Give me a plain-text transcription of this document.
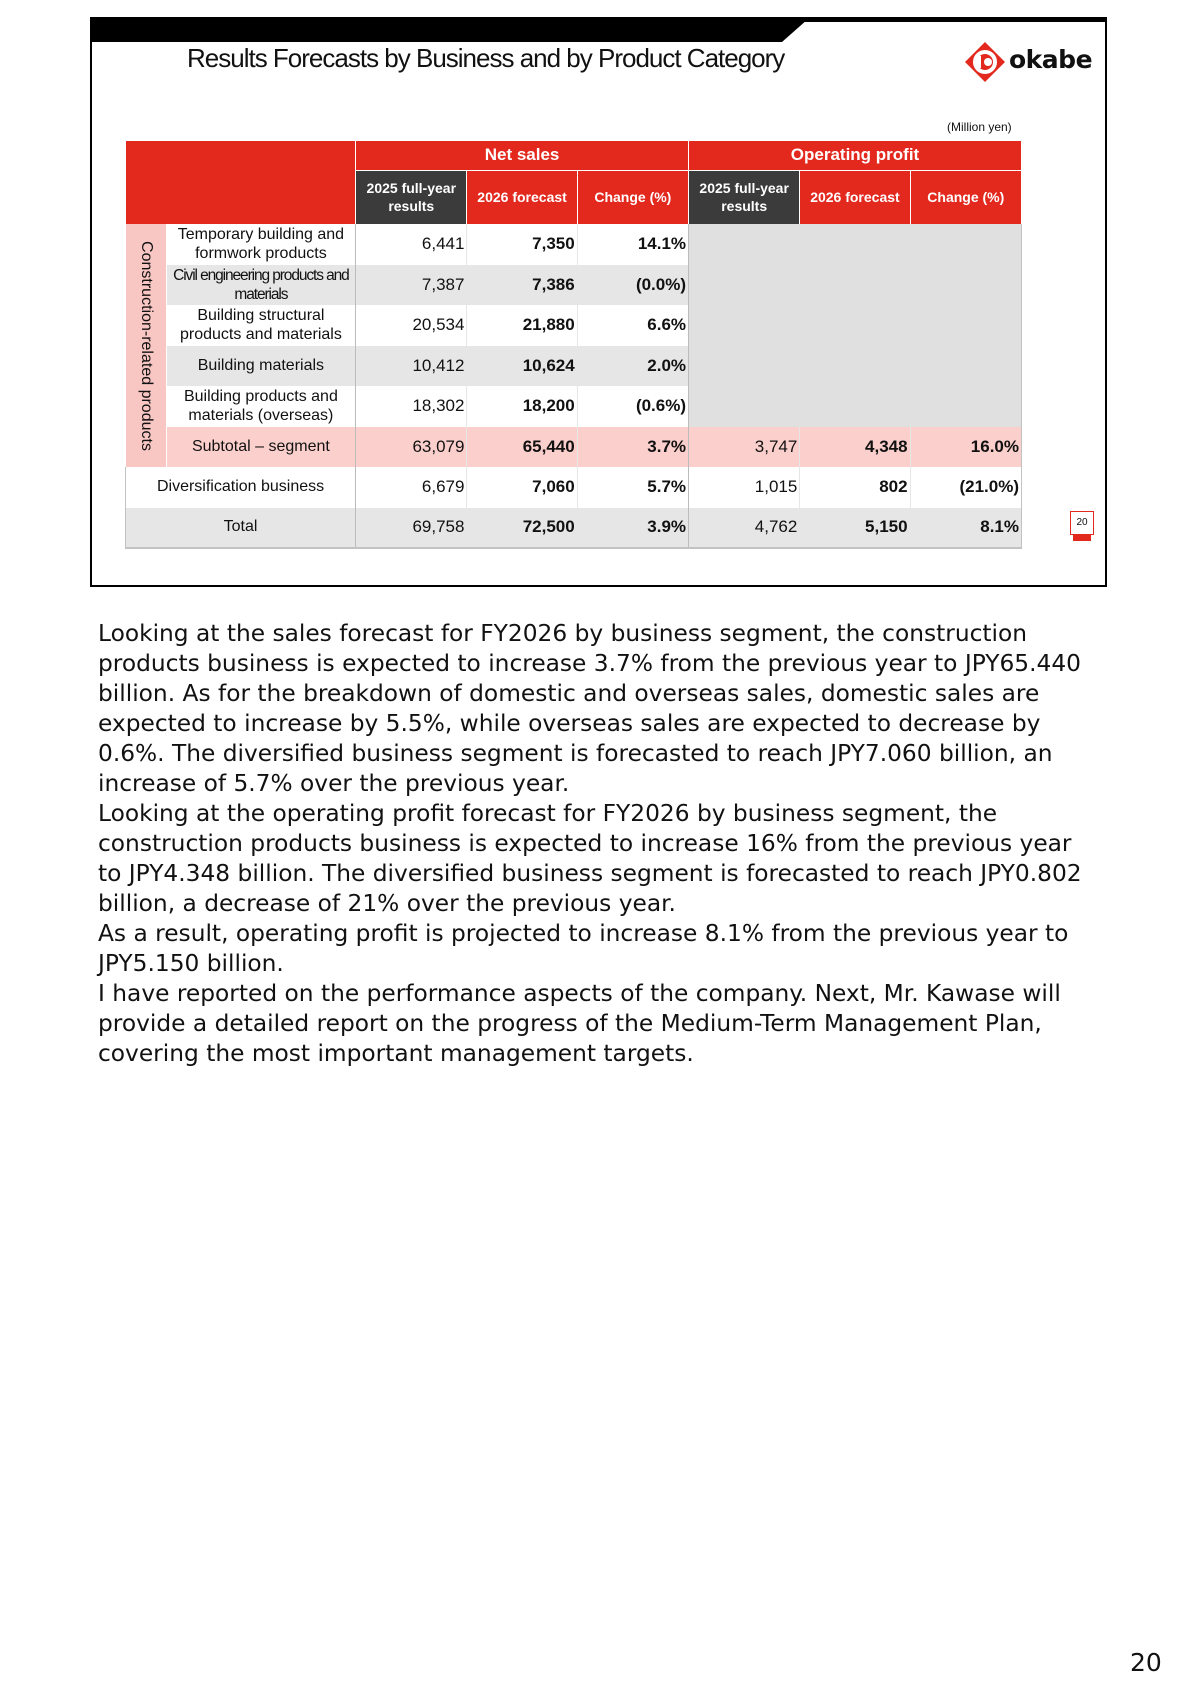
Results Forecasts by Business and by Product Category	okabe
(Million yen)
		Net sales			Operating profit		
		2025 full-year results	2026 forecast	Change (%)	2025 full-year results	2026 forecast	Change (%)

Construction-related products	Temporary building and formwork products	6,441	7,350	14.1%			
	Civil engineering products and materials	7,387	7,386	(0.0%)			
	Building structural products and materials	20,534	21,880	6.6%			
	Building materials	10,412	10,624	2.0%			
	Building products and materials (overseas)	18,302	18,200	(0.6%)			
	Subtotal – segment	63,079	65,440	3.7%	3,747	4,348	16.0%
Diversification business		6,679	7,060	5.7%	1,015	802	(21.0%)
Total		69,758	72,500	3.9%	4,762	5,150	8.1%	20

Looking at the sales forecast for FY2026 by business segment, the construction products business is expected to increase 3.7% from the previous year to JPY65.440 billion. As for the breakdown of domestic and overseas sales, domestic sales are expected to increase by 5.5%, while overseas sales are expected to decrease by 0.6%. The diversified business segment is forecasted to reach JPY7.060 billion, an increase of 5.7% over the previous year.

Looking at the operating profit forecast for FY2026 by business segment, the construction products business is expected to increase 16% from the previous year to JPY4.348 billion. The diversified business segment is forecasted to reach JPY0.802 billion, a decrease of 21% over the previous year.

As a result, operating profit is projected to increase 8.1% from the previous year to JPY5.150 billion.

I have reported on the performance aspects of the company. Next, Mr. Kawase will provide a detailed report on the progress of the Medium-Term Management Plan, covering the most important management targets.

20
